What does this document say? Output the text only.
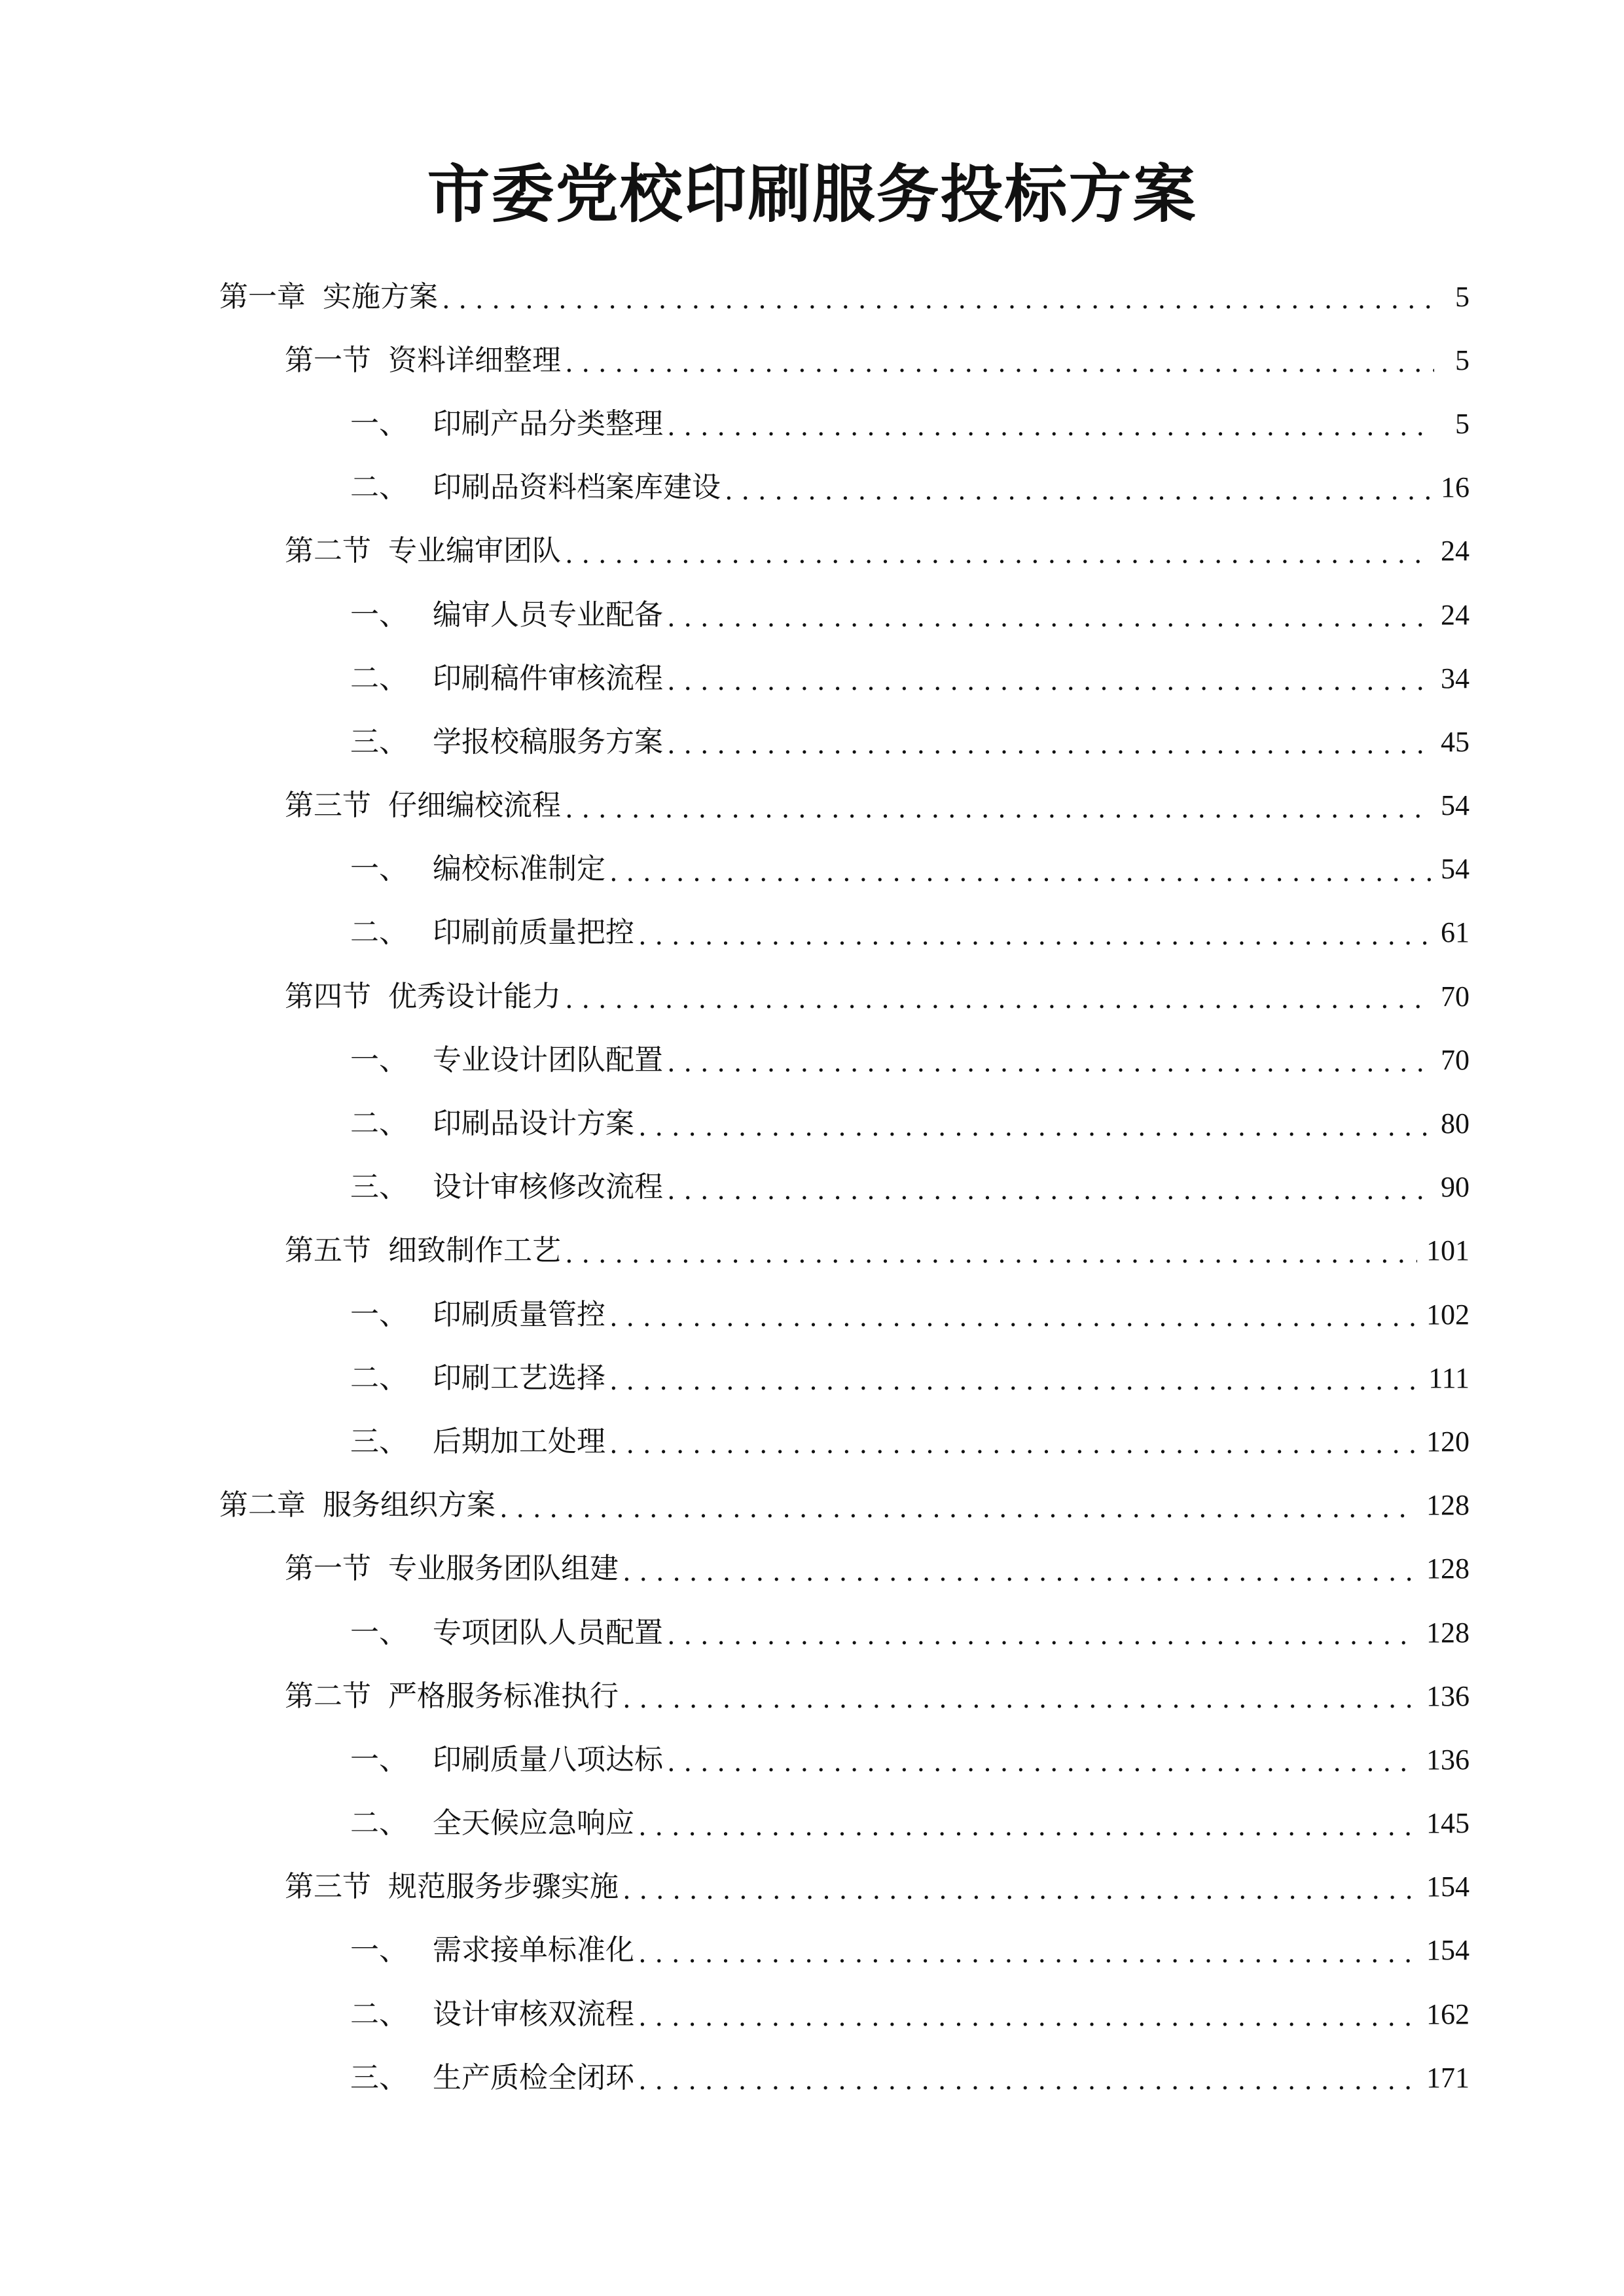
市委党校印刷服务投标方案
第一章 实施方案 . . .	5
第一节 资料详细整理 . . .	5
一、 印刷产品分类整理 . . .	5
二、 印刷品资料档案库建设 . . .	16
第二节 专业编审团队 . . .	24
一、 编审人员专业配备 . . .	24
二、 印刷稿件审核流程 . . .	34
三、 学报校稿服务方案 . . .	45
第三节 仔细编校流程 . . .	54
一、 编校标准制定 . . .	54
二、 印刷前质量把控 . . .	61
第四节 优秀设计能力 . . .	70
一、 专业设计团队配置 . . .	70
二、 印刷品设计方案 . . .	80
三、 设计审核修改流程 . . .	90
第五节 细致制作工艺 . . .	101
一、 印刷质量管控 . . .	102
二、 印刷工艺选择 . . .	111
三、 后期加工处理 . . .	120
第二章 服务组织方案 . . .	128
第一节 专业服务团队组建 . . .	128
一、 专项团队人员配置 . . .	128
第二节 严格服务标准执行 . . .	136
一、 印刷质量八项达标 . . .	136
二、 全天候应急响应 . . .	145
第三节 规范服务步骤实施 . . .	154
一、 需求接单标准化 . . .	154
二、 设计审核双流程 . . .	162
三、 生产质检全闭环 . . .	171
